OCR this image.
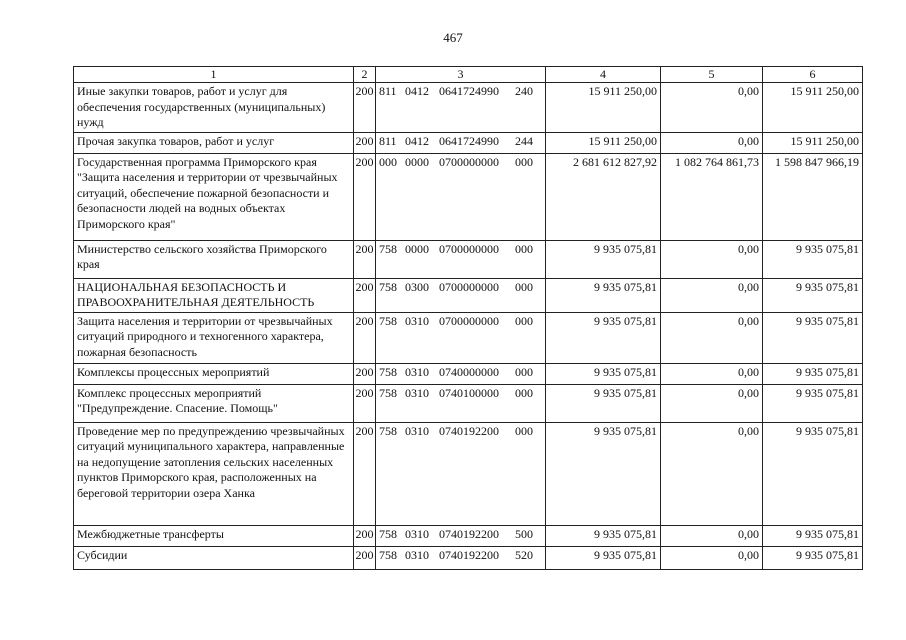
467
1	2	3	4	5	6
Иные закупки товаров, работ и услуг для обеспечения государственных (муниципальных) нужд	200	811 0412 0641724990 240	15 911 250,00	0,00	15 911 250,00
Прочая закупка товаров, работ и услуг	200	811 0412 0641724990 244	15 911 250,00	0,00	15 911 250,00
Государственная программа Приморского края "Защита населения и территории от чрезвычайных ситуаций, обеспечение пожарной безопасности и безопасности людей на водных объектах Приморского края"	200	000 0000 0700000000 000	2 681 612 827,92	1 082 764 861,73	1 598 847 966,19
Министерство сельского хозяйства Приморского края	200	758 0000 0700000000 000	9 935 075,81	0,00	9 935 075,81
НАЦИОНАЛЬНАЯ БЕЗОПАСНОСТЬ И ПРАВООХРАНИТЕЛЬНАЯ ДЕЯТЕЛЬНОСТЬ	200	758 0300 0700000000 000	9 935 075,81	0,00	9 935 075,81
Защита населения и территории от чрезвычайных ситуаций природного и техногенного характера, пожарная безопасность	200	758 0310 0700000000 000	9 935 075,81	0,00	9 935 075,81
Комплексы процессных мероприятий	200	758 0310 0740000000 000	9 935 075,81	0,00	9 935 075,81
Комплекс процессных мероприятий "Предупреждение. Спасение. Помощь"	200	758 0310 0740100000 000	9 935 075,81	0,00	9 935 075,81
Проведение мер по предупреждению чрезвычайных ситуаций муниципального характера, направленные на недопущение затопления сельских населенных пунктов Приморского края, расположенных на береговой территории озера Ханка	200	758 0310 0740192200 000	9 935 075,81	0,00	9 935 075,81
Межбюджетные трансферты	200	758 0310 0740192200 500	9 935 075,81	0,00	9 935 075,81
Субсидии	200	758 0310 0740192200 520	9 935 075,81	0,00	9 935 075,81
